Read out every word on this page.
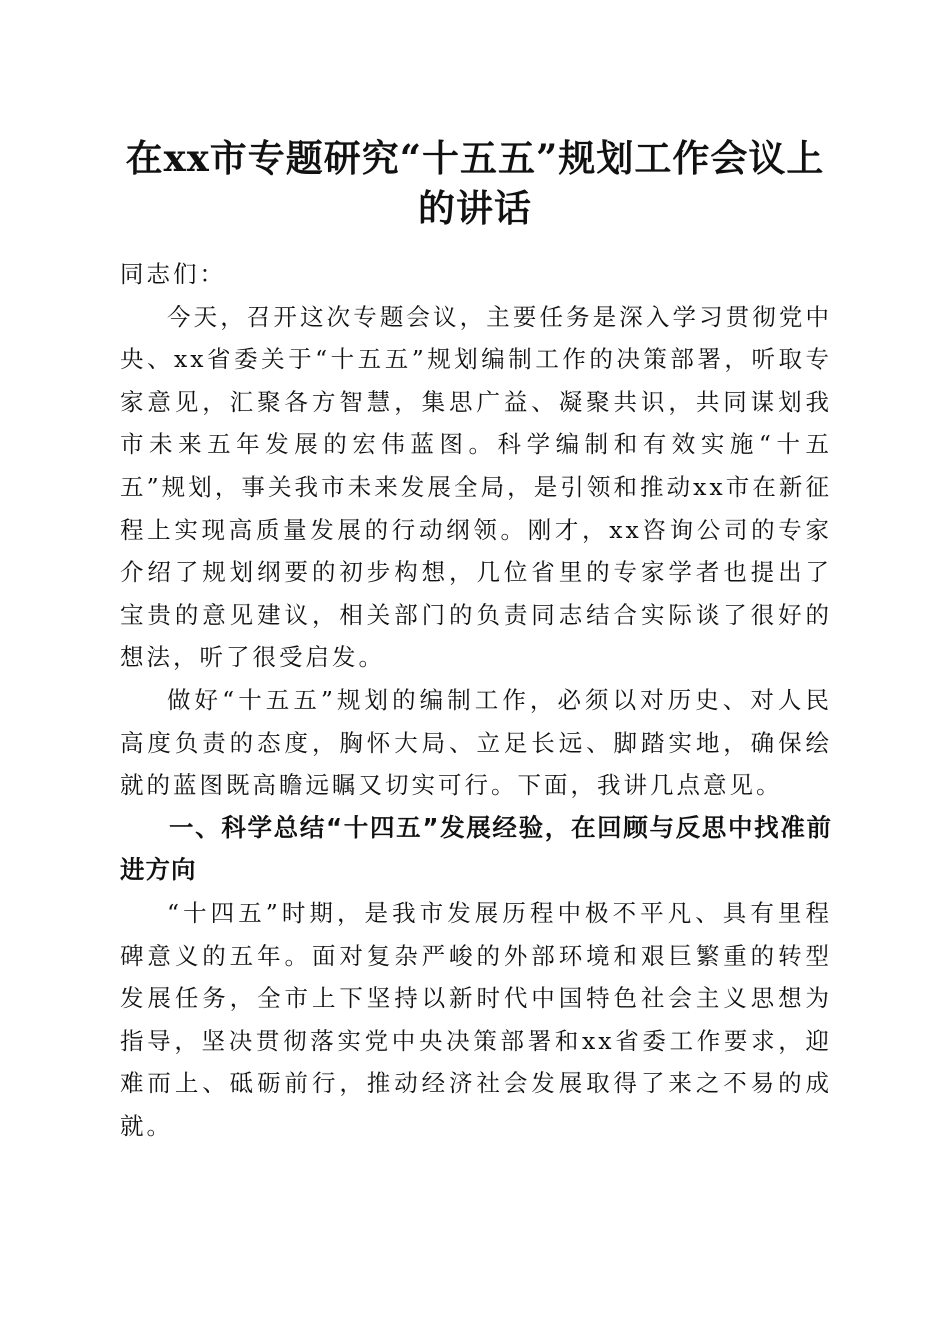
在xx市专题研究“十五五”规划工作会议上
的讲话

同志们：

今天，召开这次专题会议，主要任务是深入学习贯彻党中央、xx省委关于“十五五”规划编制工作的决策部署，听取专家意见，汇聚各方智慧，集思广益、凝聚共识，共同谋划我市未来五年发展的宏伟蓝图。科学编制和有效实施“十五五”规划，事关我市未来发展全局，是引领和推动xx市在新征程上实现高质量发展的行动纲领。刚才，xx咨询公司的专家介绍了规划纲要的初步构想，几位省里的专家学者也提出了宝贵的意见建议，相关部门的负责同志结合实际谈了很好的想法，听了很受启发。

做好“十五五”规划的编制工作，必须以对历史、对人民高度负责的态度，胸怀大局、立足长远、脚踏实地，确保绘就的蓝图既高瞻远瞩又切实可行。下面，我讲几点意见。

一、科学总结“十四五”发展经验，在回顾与反思中找准前进方向

“十四五”时期，是我市发展历程中极不平凡、具有里程碑意义的五年。面对复杂严峻的外部环境和艰巨繁重的转型发展任务，全市上下坚持以新时代中国特色社会主义思想为指导，坚决贯彻落实党中央决策部署和xx省委工作要求，迎难而上、砥砺前行，推动经济社会发展取得了来之不易的成就。
